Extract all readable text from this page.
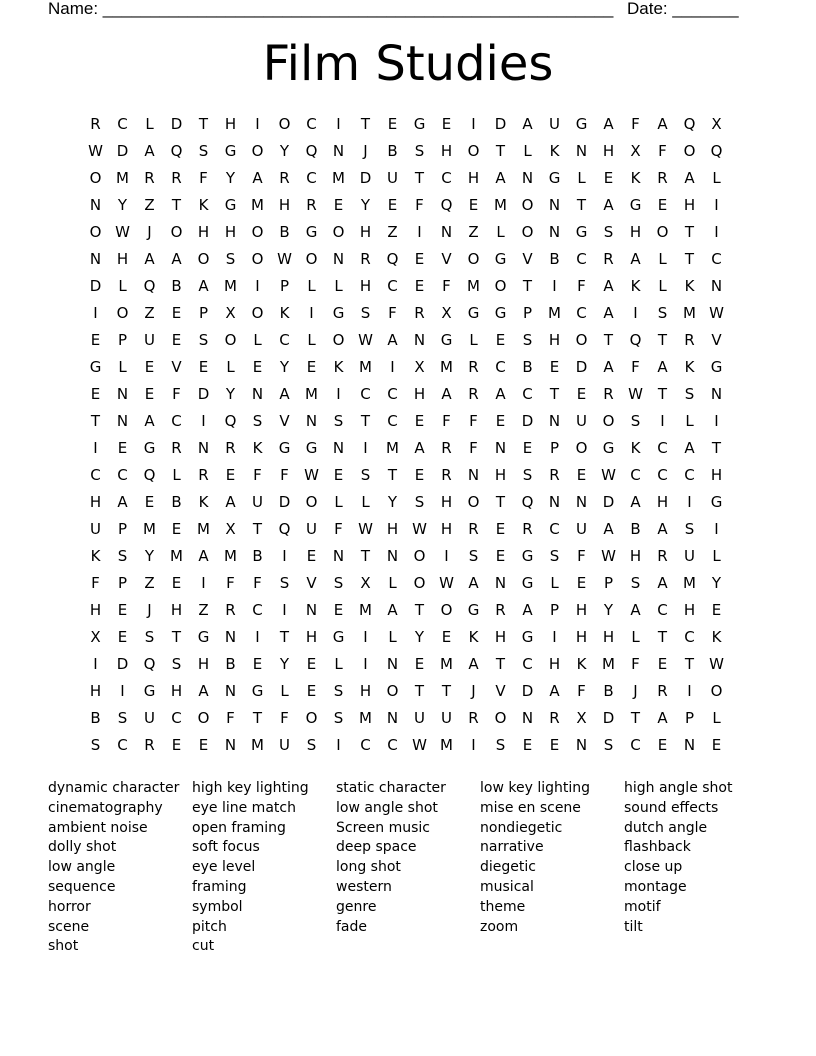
Name: ______________________________________________________ Date: _______
Film Studies
R	C	L	D	T	H	I	O	C	I	T	E	G	E	I	D	A	U	G	A	F	A	Q	X
W D	A	Q	S	G	O	Y	Q	N	J	B	S	H	O	T	L	K	N	H	X	F	O	Q
O M	R	R	F	Y	A	R	C	M D	U	T	C	H	A	N	G	L	E	K	R	A	L
N	Y	Z	T	K	G M H	R	E	Y	E	F	Q	E	M O	N	T	A	G	E	H	I
O W	J	O	H	H	O	B	G	O	H	Z	I	N	Z	L	O	N	G	S	H	O	T	I
N	H	A	A	O	S	O W O	N	R	Q	E	V	O	G	V	B	C	R	A	L	T	C
D	L	Q	B	A	M	I	P	L	L	H	C	E	F	M O	T	I	F	A	K	L	K	N
I	O	Z	E	P	X	O	K	I	G	S	F	R	X	G	G	P	M	C	A	I	S	M W
E	P	U	E	S	O	L	C	L	O W A	N	G	L	E	S	H	O	T	Q	T	R	V
G	L	E	V	E	L	E	Y	E	K	M	I	X	M	R	C	B	E	D	A	F	A	K	G
E	N	E	F	D	Y	N	A	M	I	C	C	H	A	R	A	C	T	E	R W T	S	N
T	N	A	C	I	Q	S	V	N	S	T	C	E	F	F	E	D	N	U	O	S	I	L	I
I	E	G	R	N	R	K	G	G	N	I	M	A	R	F	N	E	P	O	G	K	C	A	T
C	C	Q	L	R	E	F	F	W E	S	T	E	R	N	H	S	R	E W C	C	C	H
H	A	E	B	K	A	U	D	O	L	L	Y	S	H	O	T	Q	N	N	D	A	H	I	G
U	P	M	E	M	X	T	Q	U	F	W H W H	R	E	R	C	U	A	B	A	S	I
K	S	Y	M	A	M	B	I	E	N	T	N	O	I	S	E	G	S	F	W H	R	U	L
F	P	Z	E	I	F	F	S	V	S	X	L	O W A	N	G	L	E	P	S	A	M	Y
H	E	J	H	Z	R	C	I	N	E	M	A	T	O	G	R	A	P	H	Y	A	C	H	E
X	E	S	T	G	N	I	T	H	G	I	L	Y	E	K	H	G	I	H	H	L	T	C	K
I	D	Q	S	H	B	E	Y	E	L	I	N	E	M	A	T	C	H	K	M	F	E	T	W
H	I	G	H	A	N	G	L	E	S	H	O	T	T	J	V	D	A	F	B	J	R	I	O
B	S	U	C	O	F	T	F	O	S	M N	U	U	R	O	N	R	X	D	T	A	P	L
S	C	R	E	E	N M	U	S	I	C	C W M	I	S	E	E	N	S	C	E	N	E
dynamic character
cinematography
ambient noise
dolly shot
low angle
sequence
horror
scene
shot
high key lighting
eye line match
open framing
soft focus
eye level
framing
symbol
pitch
cut
static character
low angle shot
Screen music
deep space
long shot
western
genre
fade
low key lighting
mise en scene
nondiegetic
narrative
diegetic
musical
theme
zoom
high angle shot
sound effects
dutch angle
flashback
close up
montage
motif
tilt
